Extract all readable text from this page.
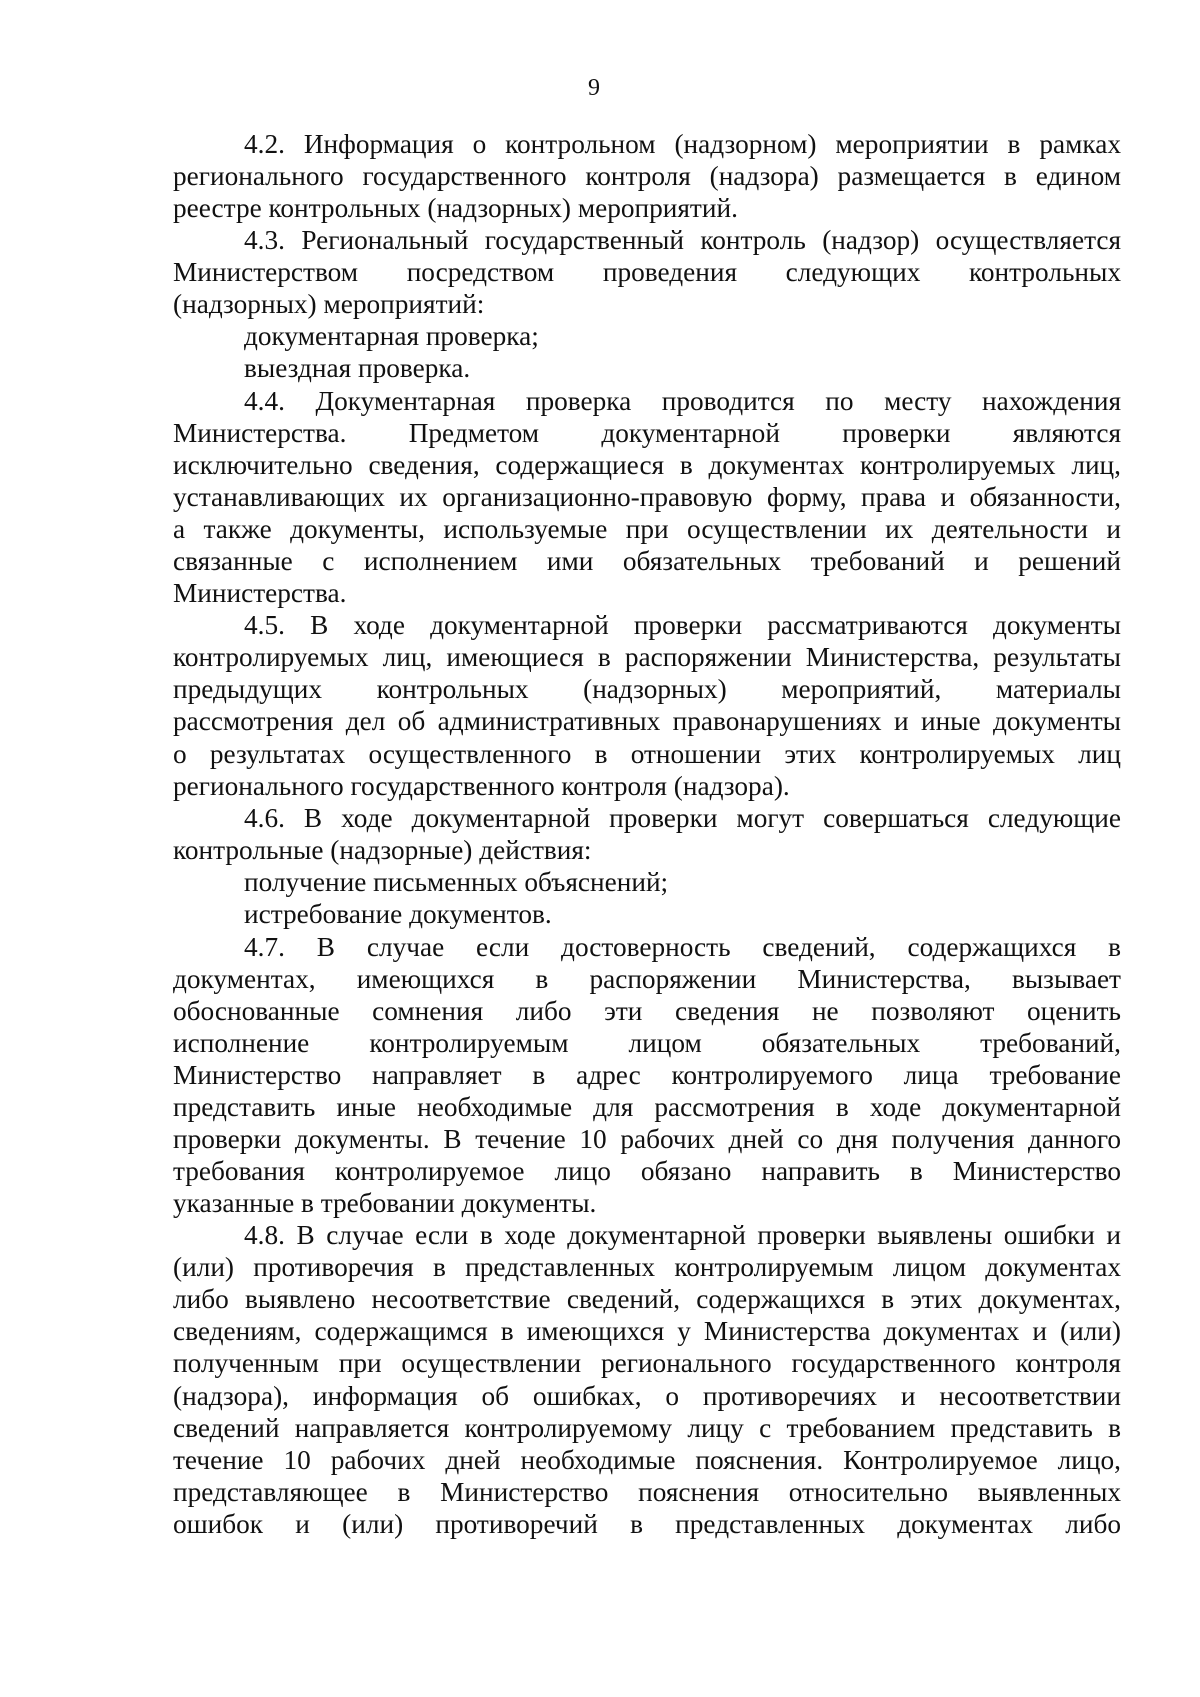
9
4.2. Информация о контрольном (надзорном) мероприятии в рамках
регионального государственного контроля (надзора) размещается в едином
реестре контрольных (надзорных) мероприятий.
4.3. Региональный государственный контроль (надзор) осуществляется
Министерством посредством проведения следующих контрольных
(надзорных) мероприятий:
документарная проверка;
выездная проверка.
4.4. Документарная проверка проводится по месту нахождения
Министерства. Предметом документарной проверки являются
исключительно сведения, содержащиеся в документах контролируемых лиц,
устанавливающих их организационно-правовую форму, права и обязанности,
а также документы, используемые при осуществлении их деятельности и
связанные с исполнением ими обязательных требований и решений
Министерства.
4.5. В ходе документарной проверки рассматриваются документы
контролируемых лиц, имеющиеся в распоряжении Министерства, результаты
предыдущих контрольных (надзорных) мероприятий, материалы
рассмотрения дел об административных правонарушениях и иные документы
о результатах осуществленного в отношении этих контролируемых лиц
регионального государственного контроля (надзора).
4.6. В ходе документарной проверки могут совершаться следующие
контрольные (надзорные) действия:
получение письменных объяснений;
истребование документов.
4.7. В случае если достоверность сведений, содержащихся в
документах, имеющихся в распоряжении Министерства, вызывает
обоснованные сомнения либо эти сведения не позволяют оценить
исполнение контролируемым лицом обязательных требований,
Министерство направляет в адрес контролируемого лица требование
представить иные необходимые для рассмотрения в ходе документарной
проверки документы. В течение 10 рабочих дней со дня получения данного
требования контролируемое лицо обязано направить в Министерство
указанные в требовании документы.
4.8. В случае если в ходе документарной проверки выявлены ошибки и
(или) противоречия в представленных контролируемым лицом документах
либо выявлено несоответствие сведений, содержащихся в этих документах,
сведениям, содержащимся в имеющихся у Министерства документах и (или)
полученным при осуществлении регионального государственного контроля
(надзора), информация об ошибках, о противоречиях и несоответствии
сведений направляется контролируемому лицу с требованием представить в
течение 10 рабочих дней необходимые пояснения. Контролируемое лицо,
представляющее в Министерство пояснения относительно выявленных
ошибок и (или) противоречий в представленных документах либо
